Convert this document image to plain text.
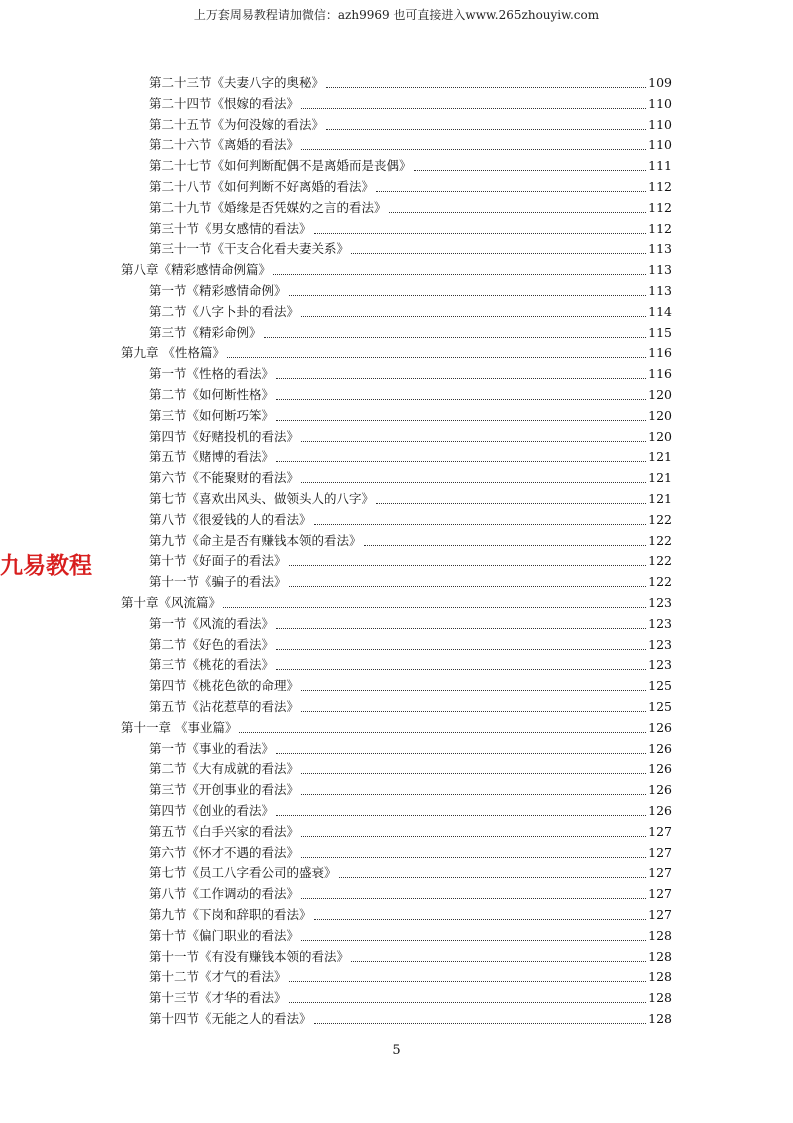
上万套周易教程请加微信：azh9969 也可直接进入www.265zhouyiw.com
九易教程
第二十三节《夫妻八字的奥秘》	109
第二十四节《恨嫁的看法》	110
第二十五节《为何没嫁的看法》	110
第二十六节《离婚的看法》	110
第二十七节《如何判断配偶不是离婚而是丧偶》	111
第二十八节《如何判断不好离婚的看法》	112
第二十九节《婚缘是否凭媒妁之言的看法》	112
第三十节《男女感情的看法》	112
第三十一节《干支合化看夫妻关系》	113
第八章《精彩感情命例篇》	113
第一节《精彩感情命例》	113
第二节《八字卜卦的看法》	114
第三节《精彩命例》	115
第九章 《性格篇》	116
第一节《性格的看法》	116
第二节《如何断性格》	120
第三节《如何断巧笨》	120
第四节《好赌投机的看法》	120
第五节《赌博的看法》	121
第六节《不能聚财的看法》	121
第七节《喜欢出风头、做领头人的八字》	121
第八节《很爱钱的人的看法》	122
第九节《命主是否有赚钱本领的看法》	122
第十节《好面子的看法》	122
第十一节《骗子的看法》	122
第十章《风流篇》	123
第一节《风流的看法》	123
第二节《好色的看法》	123
第三节《桃花的看法》	123
第四节《桃花色欲的命理》	125
第五节《沾花惹草的看法》	125
第十一章 《事业篇》	126
第一节《事业的看法》	126
第二节《大有成就的看法》	126
第三节《开创事业的看法》	126
第四节《创业的看法》	126
第五节《白手兴家的看法》	127
第六节《怀才不遇的看法》	127
第七节《员工八字看公司的盛衰》	127
第八节《工作调动的看法》	127
第九节《下岗和辞职的看法》	127
第十节《偏门职业的看法》	128
第十一节《有没有赚钱本领的看法》	128
第十二节《才气的看法》	128
第十三节《才华的看法》	128
第十四节《无能之人的看法》	128
5
